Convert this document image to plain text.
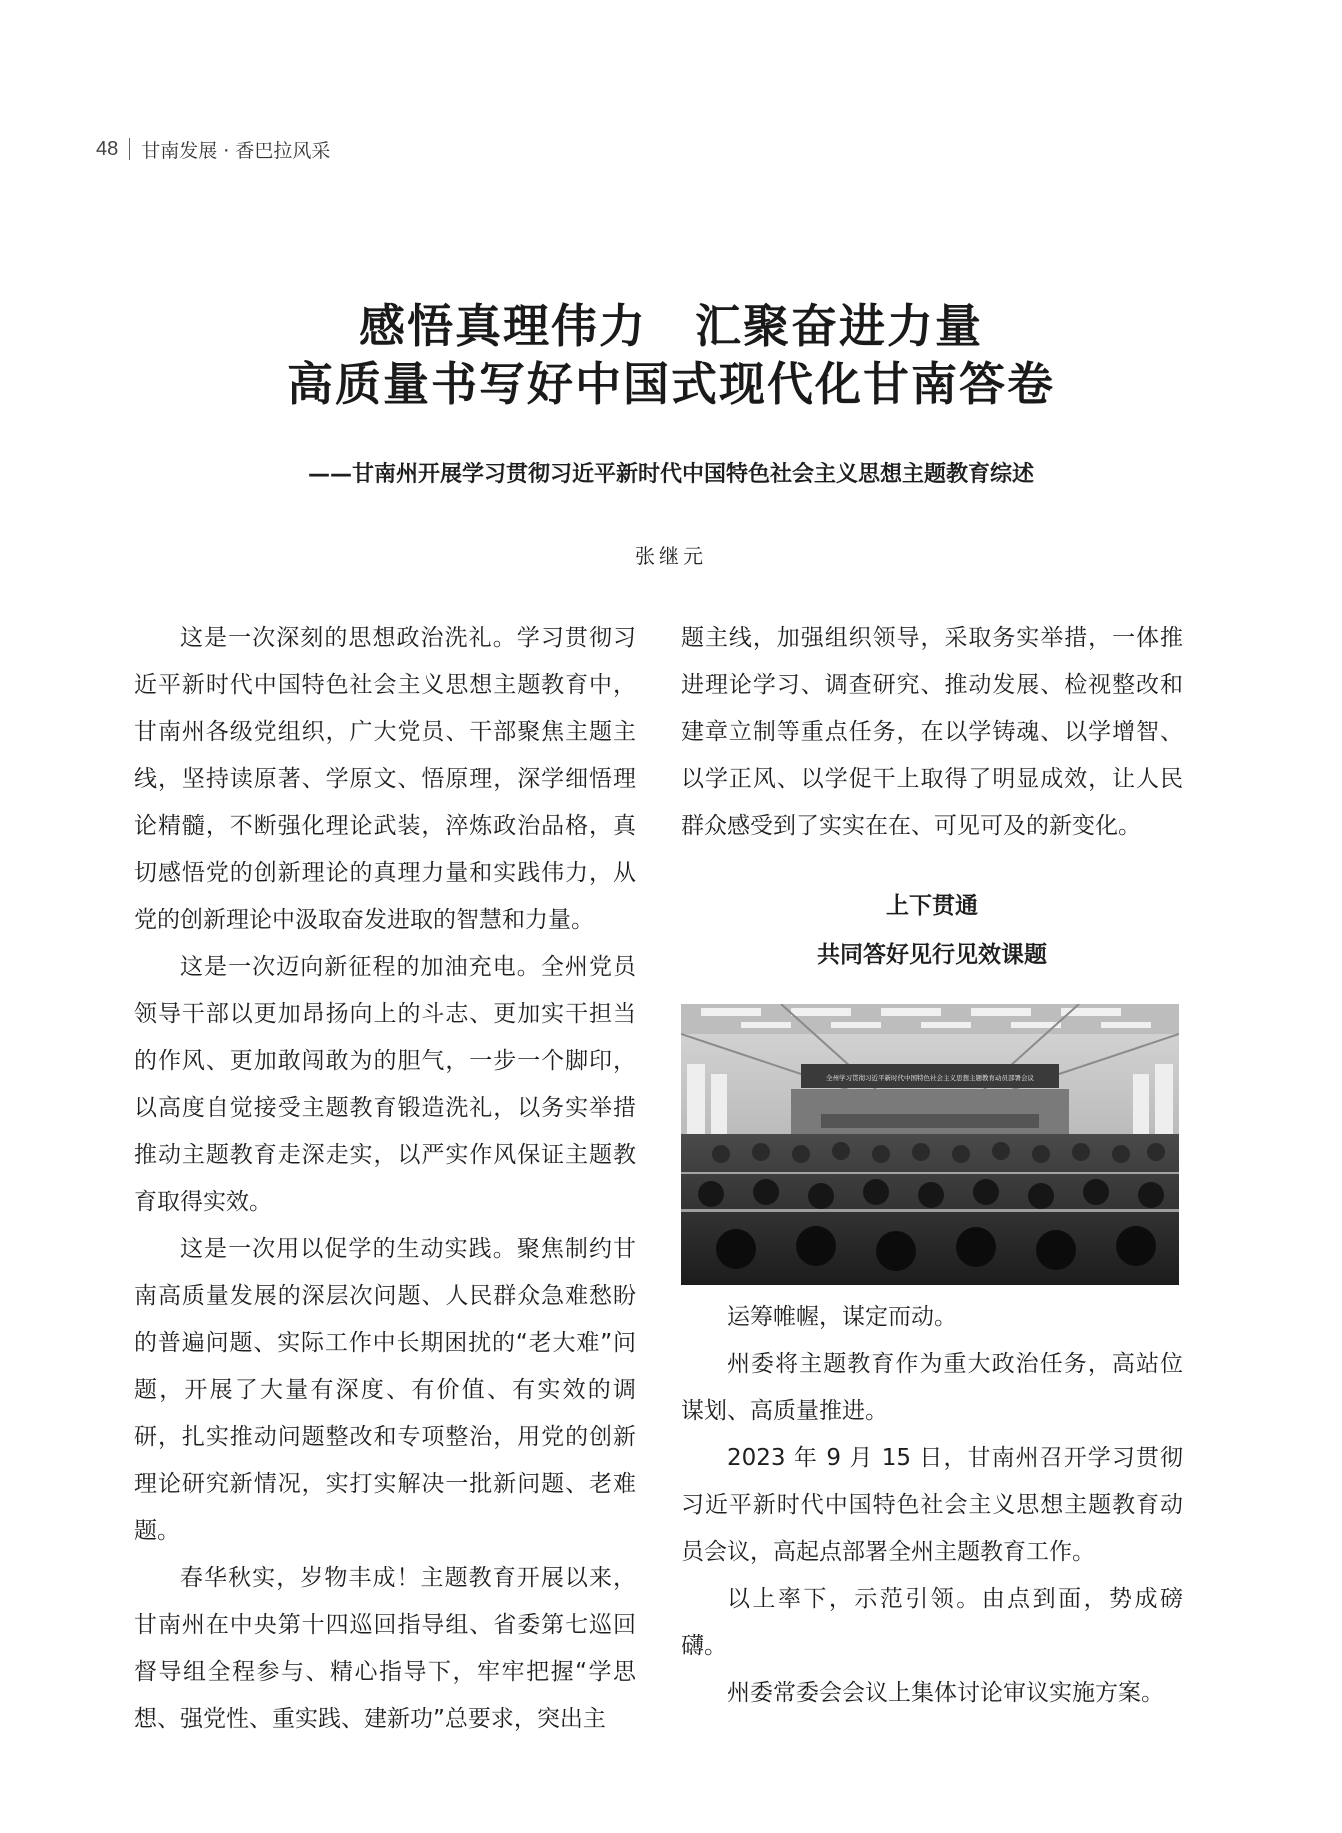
48 甘南发展 · 香巴拉风采
感悟真理伟力　汇聚奋进力量
高质量书写好中国式现代化甘南答卷
——甘南州开展学习贯彻习近平新时代中国特色社会主义思想主题教育综述
张继元

这是一次深刻的思想政治洗礼。学习贯彻习近平新时代中国特色社会主义思想主题教育中，甘南州各级党组织，广大党员、干部聚焦主题主线，坚持读原著、学原文、悟原理，深学细悟理论精髓，不断强化理论武装，淬炼政治品格，真切感悟党的创新理论的真理力量和实践伟力，从党的创新理论中汲取奋发进取的智慧和力量。

这是一次迈向新征程的加油充电。全州党员领导干部以更加昂扬向上的斗志、更加实干担当的作风、更加敢闯敢为的胆气，一步一个脚印，以高度自觉接受主题教育锻造洗礼，以务实举措推动主题教育走深走实，以严实作风保证主题教育取得实效。

这是一次用以促学的生动实践。聚焦制约甘南高质量发展的深层次问题、人民群众急难愁盼的普遍问题、实际工作中长期困扰的“老大难”问题，开展了大量有深度、有价值、有实效的调研，扎实推动问题整改和专项整治，用党的创新理论研究新情况，实打实解决一批新问题、老难题。

春华秋实，岁物丰成！主题教育开展以来，甘南州在中央第十四巡回指导组、省委第七巡回督导组全程参与、精心指导下，牢牢把握“学思想、强党性、重实践、建新功”总要求，突出主

题主线，加强组织领导，采取务实举措，一体推进理论学习、调查研究、推动发展、检视整改和建章立制等重点任务，在以学铸魂、以学增智、以学正风、以学促干上取得了明显成效，让人民群众感受到了实实在在、可见可及的新变化。

上下贯通
共同答好见行见效课题
全州学习贯彻习近平新时代中国特色社会主义思想主题教育动员部署会议

运筹帷幄，谋定而动。

州委将主题教育作为重大政治任务，高站位谋划、高质量推进。

2023 年 9 月 15 日，甘南州召开学习贯彻习近平新时代中国特色社会主义思想主题教育动员会议，高起点部署全州主题教育工作。

以上率下，示范引领。由点到面，势成磅礴。

州委常委会会议上集体讨论审议实施方案。
